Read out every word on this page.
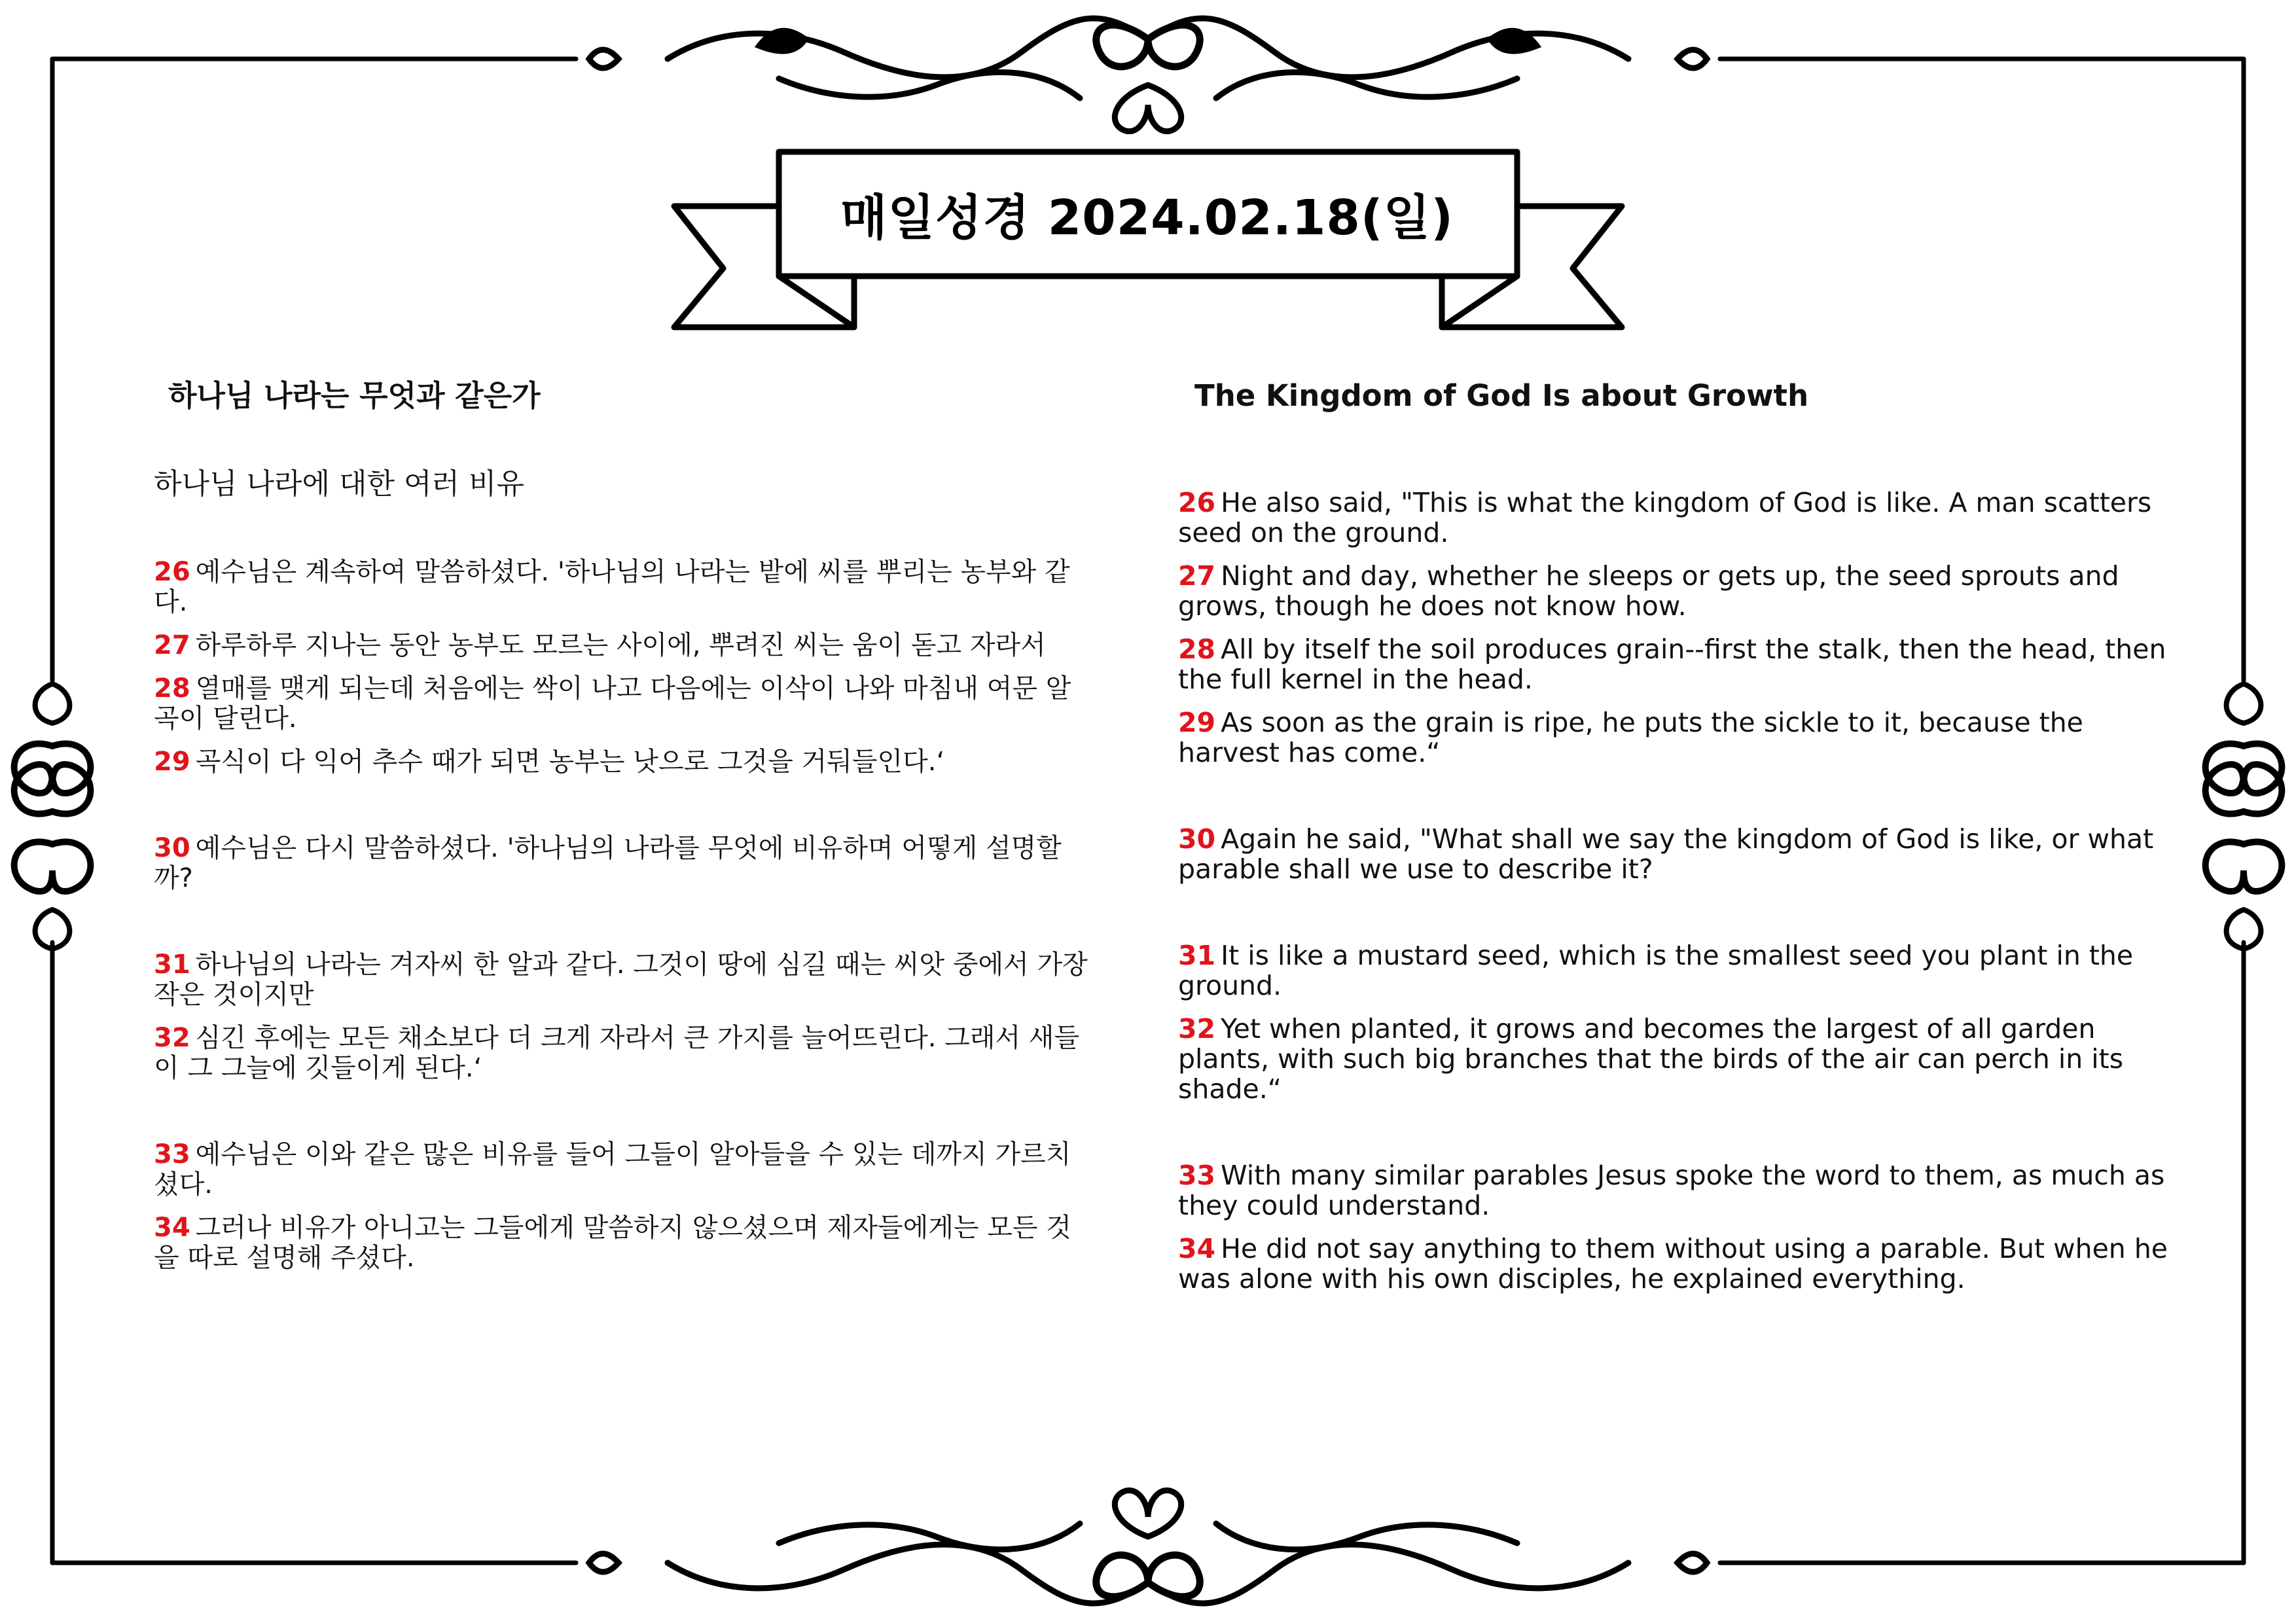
매일성경 2024.02.18(일)
하나님 나라는 무엇과 같은가

하나님 나라에 대한 여러 비유

26 예수님은 계속하여 말씀하셨다. '하나님의 나라는 밭에 씨를 뿌리는 농부와 같다.

27 하루하루 지나는 동안 농부도 모르는 사이에, 뿌려진 씨는 움이 돋고 자라서

28 열매를 맺게 되는데 처음에는 싹이 나고 다음에는 이삭이 나와 마침내 여문 알곡이 달린다.

29 곡식이 다 익어 추수 때가 되면 농부는 낫으로 그것을 거둬들인다.‘

30 예수님은 다시 말씀하셨다. '하나님의 나라를 무엇에 비유하며 어떻게 설명할까?

31 하나님의 나라는 겨자씨 한 알과 같다. 그것이 땅에 심길 때는 씨앗 중에서 가장 작은 것이지만

32 심긴 후에는 모든 채소보다 더 크게 자라서 큰 가지를 늘어뜨린다. 그래서 새들이 그 그늘에 깃들이게 된다.‘

33 예수님은 이와 같은 많은 비유를 들어 그들이 알아들을 수 있는 데까지 가르치셨다.

34 그러나 비유가 아니고는 그들에게 말씀하지 않으셨으며 제자들에게는 모든 것을 따로 설명해 주셨다.

The Kingdom of God Is about Growth

26 He also said, "This is what the kingdom of God is like. A man scatters seed on the ground.

27 Night and day, whether he sleeps or gets up, the seed sprouts and grows, though he does not know how.

28 All by itself the soil produces grain--first the stalk, then the head, then the full kernel in the head.

29 As soon as the grain is ripe, he puts the sickle to it, because the harvest has come.“

30 Again he said, "What shall we say the kingdom of God is like, or what parable shall we use to describe it?

31 It is like a mustard seed, which is the smallest seed you plant in the ground.

32 Yet when planted, it grows and becomes the largest of all garden plants, with such big branches that the birds of the air can perch in its shade.“

33 With many similar parables Jesus spoke the word to them, as much as they could understand.

34 He did not say anything to them without using a parable. But when he was alone with his own disciples, he explained everything.
